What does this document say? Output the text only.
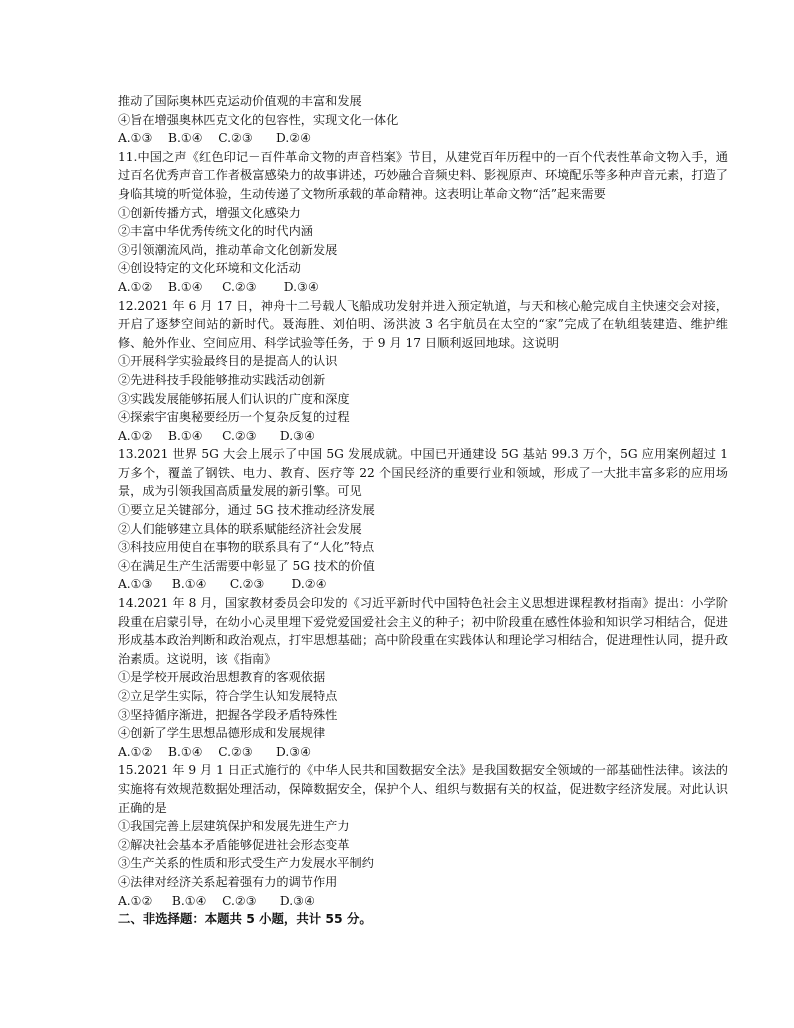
推动了国际奥林匹克运动价值观的丰富和发展
④旨在增强奥林匹克文化的包容性，实现文化一体化
A.①③    B.①④    C.②③      D.②④
11.中国之声《红色印记－百件革命文物的声音档案》节目，从建党百年历程中的一百个代表性革命文物入手，通过百名优秀声音工作者极富感染力的故事讲述，巧妙融合音频史料、影视原声、环境配乐等多种声音元素，打造了身临其境的听觉体验，生动传递了文物所承载的革命精神。这表明让革命文物“活”起来需要
①创新传播方式，增强文化感染力
②丰富中华优秀传统文化的时代内涵
③引领潮流风尚，推动革命文化创新发展
④创设特定的文化环境和文化活动
A.①②    B.①④     C.②③       D.③④
12.2021 年 6 月 17 日，神舟十二号载人飞船成功发射并进入预定轨道，与天和核心舱完成自主快速交会对接，开启了逐梦空间站的新时代。聂海胜、刘伯明、汤洪波 3 名宇航员在太空的“家”完成了在轨组装建造、维护维修、舱外作业、空间应用、科学试验等任务，于 9 月 17 日顺利返回地球。这说明
①开展科学实验最终目的是提高人的认识
②先进科技手段能够推动实践活动创新
③实践发展能够拓展人们认识的广度和深度
④探索宇宙奥秘要经历一个复杂反复的过程
A.①②    B.①④     C.②③      D.③④
13.2021 世界 5G 大会上展示了中国 5G 发展成就。中国已开通建设 5G 基站 99.3 万个，5G 应用案例超过 1 万多个，覆盖了钢铁、电力、教育、医疗等 22 个国民经济的重要行业和领域，形成了一大批丰富多彩的应用场景，成为引领我国高质量发展的新引擎。可见
①要立足关键部分，通过 5G 技术推动经济发展
②人们能够建立具体的联系赋能经济社会发展
③科技应用使自在事物的联系具有了“人化”特点
④在满足生产生活需要中彰显了 5G 技术的价值
A.①③     B.①④      C.②③       D.②④
14.2021 年 8 月，国家教材委员会印发的《习近平新时代中国特色社会主义思想进课程教材指南》提出：小学阶段重在启蒙引导，在幼小心灵里埋下爱党爱国爱社会主义的种子；初中阶段重在感性体验和知识学习相结合，促进形成基本政治判断和政治观点，打牢思想基础；高中阶段重在实践体认和理论学习相结合，促进理性认同，提升政治素质。这说明，该《指南》
①是学校开展政治思想教育的客观依据
②立足学生实际，符合学生认知发展特点
③坚持循序渐进，把握各学段矛盾特殊性
④创新了学生思想品德形成和发展规律
A.①②    B.①④    C.②③      D.③④
15.2021 年 9 月 1 日正式施行的《中华人民共和国数据安全法》是我国数据安全领域的一部基础性法律。该法的实施将有效规范数据处理活动，保障数据安全，保护个人、组织与数据有关的权益，促进数字经济发展。对此认识正确的是
①我国完善上层建筑保护和发展先进生产力
②解决社会基本矛盾能够促进社会形态变革
③生产关系的性质和形式受生产力发展水平制约
④法律对经济关系起着强有力的调节作用
A.①②     B.①④    C.②③      D.③④
二、非选择题：本题共 5 小题，共计 55 分。
